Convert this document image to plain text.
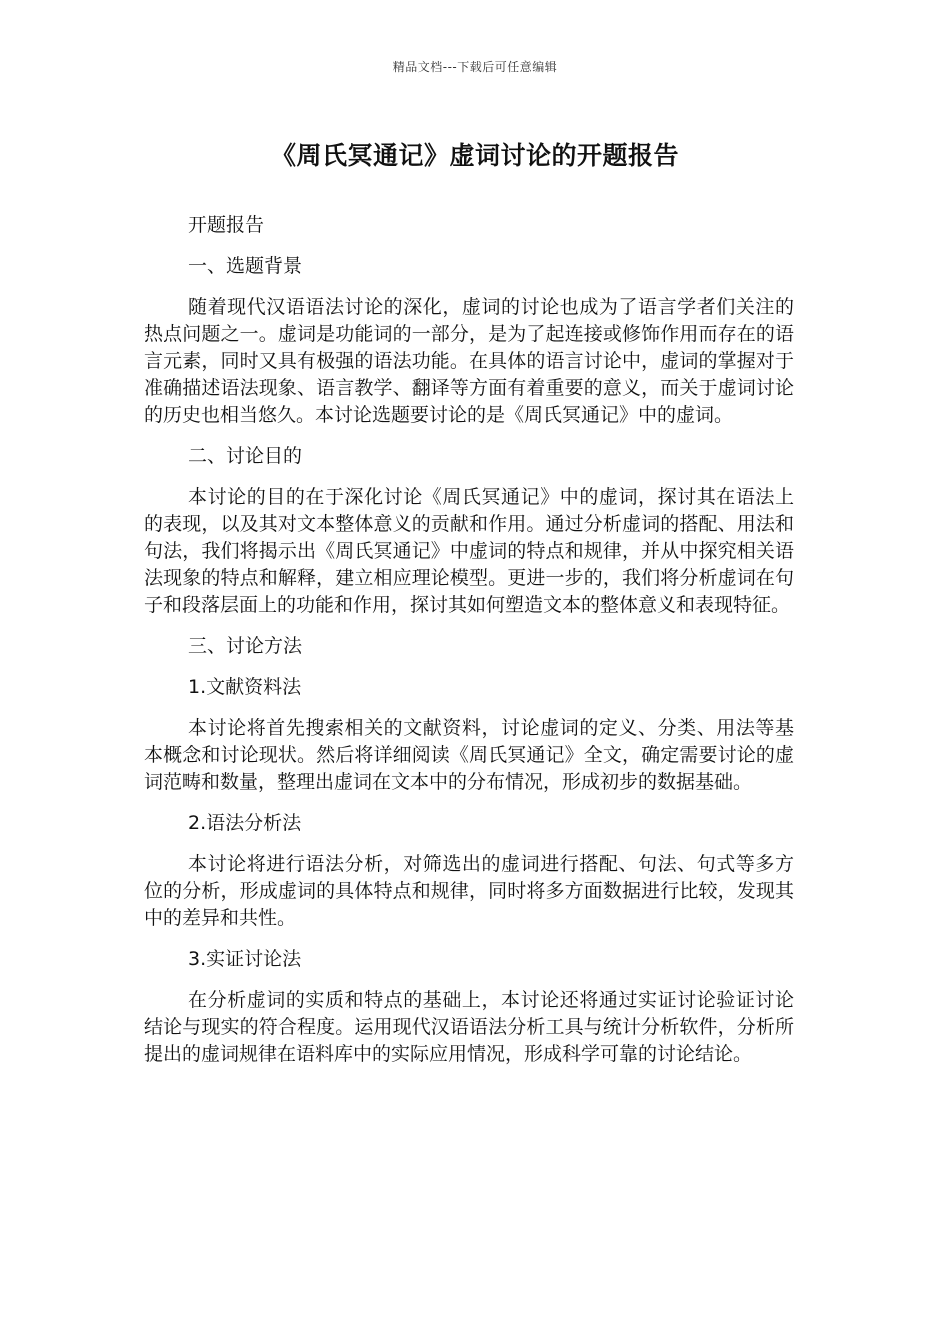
精品文档---下载后可任意编辑
《周氏冥通记》虚词讨论的开题报告

开题报告

一、选题背景

随着现代汉语语法讨论的深化，虚词的讨论也成为了语言学者们关注的热点问题之一。虚词是功能词的一部分，是为了起连接或修饰作用而存在的语言元素，同时又具有极强的语法功能。在具体的语言讨论中，虚词的掌握对于准确描述语法现象、语言教学、翻译等方面有着重要的意义，而关于虚词讨论的历史也相当悠久。本讨论选题要讨论的是《周氏冥通记》中的虚词。

二、讨论目的

本讨论的目的在于深化讨论《周氏冥通记》中的虚词，探讨其在语法上的表现，以及其对文本整体意义的贡献和作用。通过分析虚词的搭配、用法和句法，我们将揭示出《周氏冥通记》中虚词的特点和规律，并从中探究相关语法现象的特点和解释，建立相应理论模型。更进一步的，我们将分析虚词在句子和段落层面上的功能和作用，探讨其如何塑造文本的整体意义和表现特征。

三、讨论方法

1.文献资料法

本讨论将首先搜索相关的文献资料，讨论虚词的定义、分类、用法等基本概念和讨论现状。然后将详细阅读《周氏冥通记》全文，确定需要讨论的虚词范畴和数量，整理出虚词在文本中的分布情况，形成初步的数据基础。

2.语法分析法

本讨论将进行语法分析，对筛选出的虚词进行搭配、句法、句式等多方位的分析，形成虚词的具体特点和规律，同时将多方面数据进行比较，发现其中的差异和共性。

3.实证讨论法

在分析虚词的实质和特点的基础上，本讨论还将通过实证讨论验证讨论结论与现实的符合程度。运用现代汉语语法分析工具与统计分析软件，分析所提出的虚词规律在语料库中的实际应用情况，形成科学可靠的讨论结论。
